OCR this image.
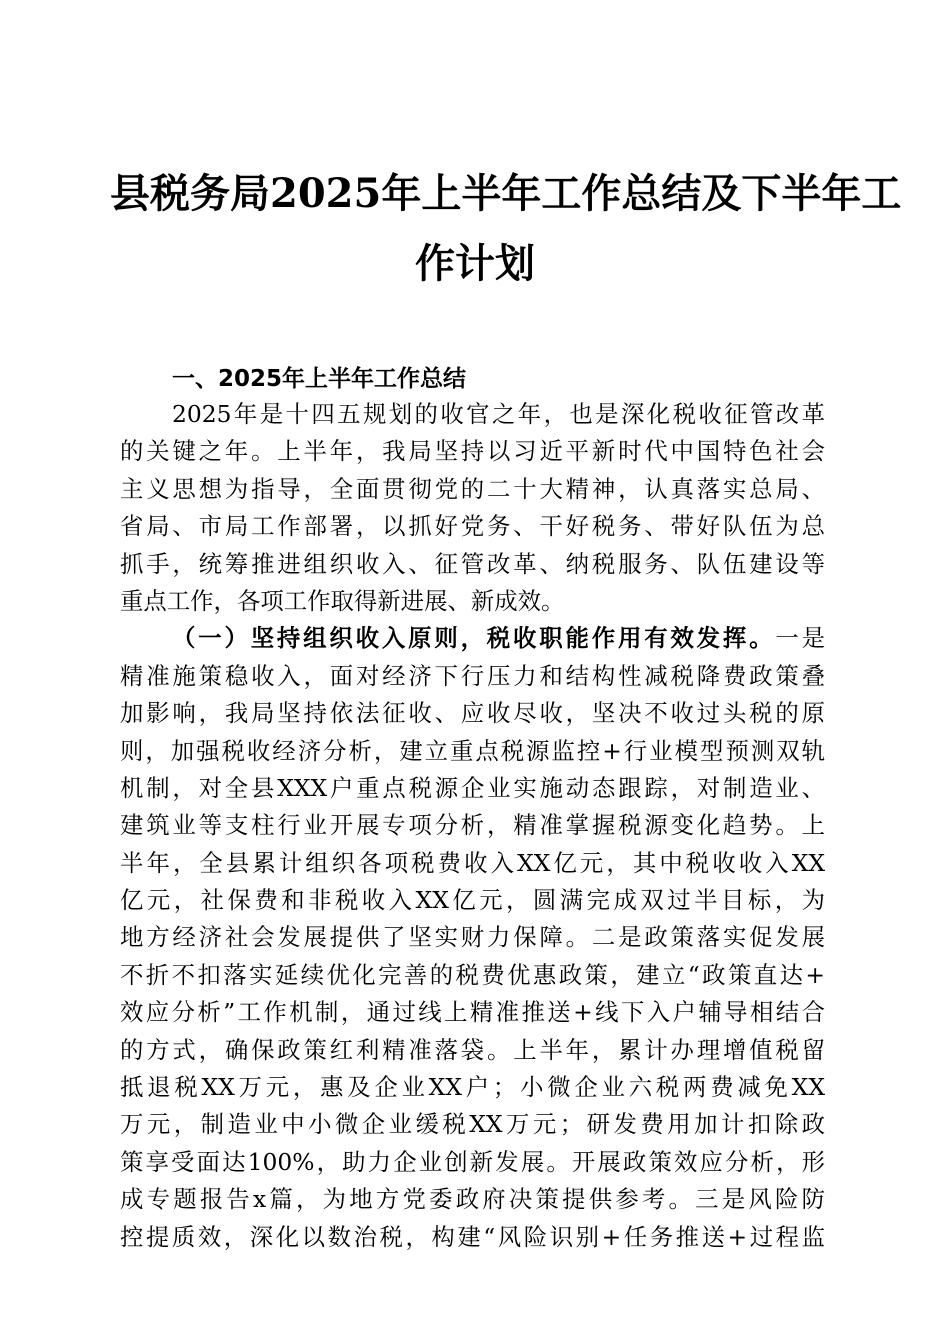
县税务局2025年上半年工作总结及下半年工
作计划
一、2025年上半年工作总结
2025年是十四五规划的收官之年，也是深化税收征管改革
的关键之年。上半年，我局坚持以习近平新时代中国特色社会
主义思想为指导，全面贯彻党的二十大精神，认真落实总局、
省局、市局工作部署，以抓好党务、干好税务、带好队伍为总
抓手，统筹推进组织收入、征管改革、纳税服务、队伍建设等
重点工作，各项工作取得新进展、新成效。
（一）坚持组织收入原则，税收职能作用有效发挥。一是
精准施策稳收入，面对经济下行压力和结构性减税降费政策叠
加影响，我局坚持依法征收、应收尽收，坚决不收过头税的原
则，加强税收经济分析，建立重点税源监控+行业模型预测双轨
机制，对全县XXX户重点税源企业实施动态跟踪，对制造业、
建筑业等支柱行业开展专项分析，精准掌握税源变化趋势。上
半年，全县累计组织各项税费收入XX亿元，其中税收收入XX
亿元，社保费和非税收入XX亿元，圆满完成双过半目标，为
地方经济社会发展提供了坚实财力保障。二是政策落实促发展
不折不扣落实延续优化完善的税费优惠政策，建立“政策直达+
效应分析”工作机制，通过线上精准推送+线下入户辅导相结合
的方式，确保政策红利精准落袋。上半年，累计办理增值税留
抵退税XX万元，惠及企业XX户；小微企业六税两费减免XX
万元，制造业中小微企业缓税XX万元；研发费用加计扣除政
策享受面达100%，助力企业创新发展。开展政策效应分析，形
成专题报告x篇，为地方党委政府决策提供参考。三是风险防
控提质效，深化以数治税，构建“风险识别+任务推送+过程监
